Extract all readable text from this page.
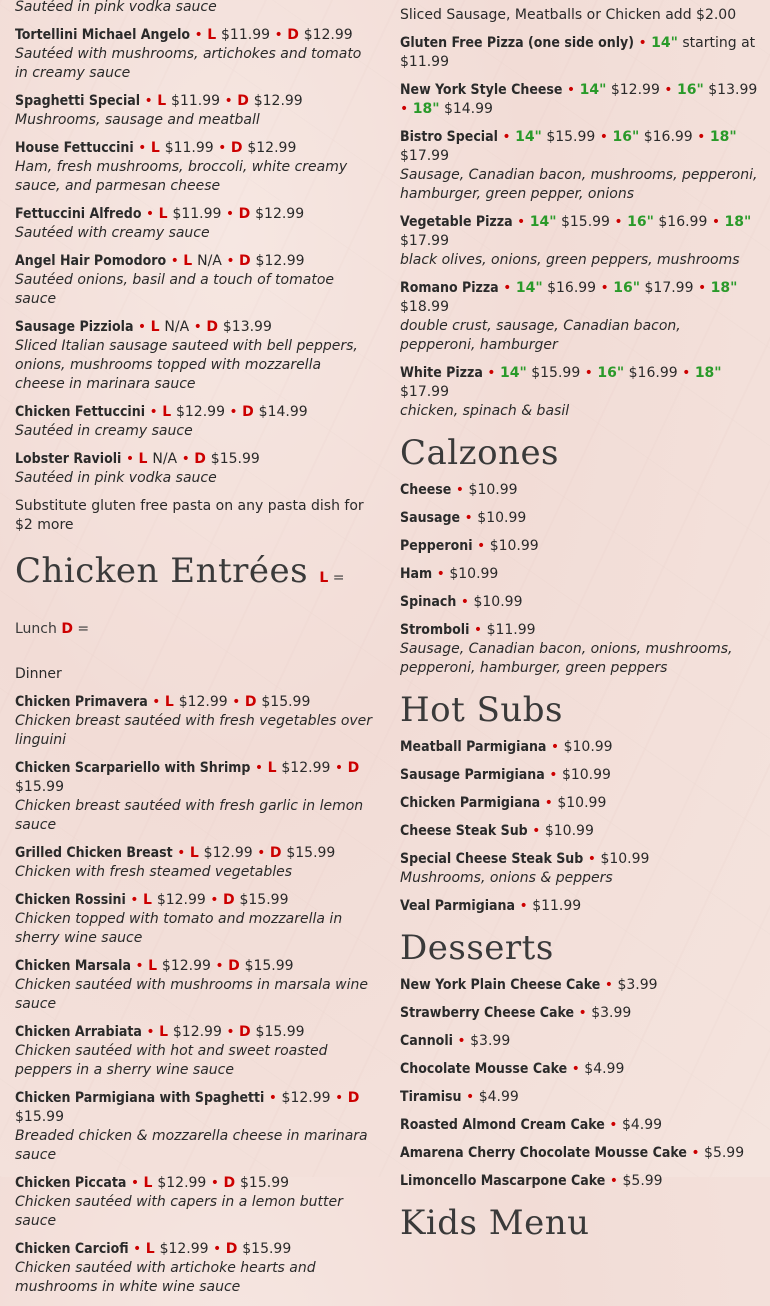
Sautéed in pink vodka sauce
Tortellini Michael Angelo • L $11.99 • D $12.99
Sautéed with mushrooms, artichokes and tomato in creamy sauce
Spaghetti Special • L $11.99 • D $12.99
Mushrooms, sausage and meatball
House Fettuccini • L $11.99 • D $12.99
Ham, fresh mushrooms, broccoli, white creamy sauce, and parmesan cheese
Fettuccini Alfredo • L $11.99 • D $12.99
Sautéed with creamy sauce
Angel Hair Pomodoro • L N/A • D $12.99
Sautéed onions, basil and a touch of tomatoe sauce
Sausage Pizziola • L N/A • D $13.99
Sliced Italian sausage sauteed with bell peppers, onions, mushrooms topped with mozzarella cheese in marinara sauce
Chicken Fettuccini • L $12.99 • D $14.99
Sautéed in creamy sauce
Lobster Ravioli • L N/A • D $15.99
Sautéed in pink vodka sauce
Substitute gluten free pasta on any pasta dish for $2 more
Chicken Entrées L = Lunch D =
Dinner
Chicken Primavera • L $12.99 • D $15.99
Chicken breast sautéed with fresh vegetables over linguini
Chicken Scarpariello with Shrimp • L $12.99 • D $15.99
Chicken breast sautéed with fresh garlic in lemon sauce
Grilled Chicken Breast • L $12.99 • D $15.99
Chicken with fresh steamed vegetables
Chicken Rossini • L $12.99 • D $15.99
Chicken topped with tomato and mozzarella in sherry wine sauce
Chicken Marsala • L $12.99 • D $15.99
Chicken sautéed with mushrooms in marsala wine sauce
Chicken Arrabiata • L $12.99 • D $15.99
Chicken sautéed with hot and sweet roasted peppers in a sherry wine sauce
Chicken Parmigiana with Spaghetti • $12.99 • D $15.99
Breaded chicken & mozzarella cheese in marinara sauce
Chicken Piccata • L $12.99 • D $15.99
Chicken sautéed with capers in a lemon butter sauce
Chicken Carciofi • L $12.99 • D $15.99
Chicken sautéed with artichoke hearts and mushrooms in white wine sauce
Sliced Sausage, Meatballs or Chicken add $2.00
Gluten Free Pizza (one side only) • 14" starting at $11.99
New York Style Cheese • 14" $12.99 • 16" $13.99 • 18" $14.99
Bistro Special • 14" $15.99 • 16" $16.99 • 18" $17.99
Sausage, Canadian bacon, mushrooms, pepperoni, hamburger, green pepper, onions
Vegetable Pizza • 14" $15.99 • 16" $16.99 • 18" $17.99
black olives, onions, green peppers, mushrooms
Romano Pizza • 14" $16.99 • 16" $17.99 • 18" $18.99
double crust, sausage, Canadian bacon, pepperoni, hamburger
White Pizza • 14" $15.99 • 16" $16.99 • 18" $17.99
chicken, spinach & basil
Calzones
Cheese • $10.99
Sausage • $10.99
Pepperoni • $10.99
Ham • $10.99
Spinach • $10.99
Stromboli • $11.99
Sausage, Canadian bacon, onions, mushrooms, pepperoni, hamburger, green peppers
Hot Subs
Meatball Parmigiana • $10.99
Sausage Parmigiana • $10.99
Chicken Parmigiana • $10.99
Cheese Steak Sub • $10.99
Special Cheese Steak Sub • $10.99
Mushrooms, onions & peppers
Veal Parmigiana • $11.99
Desserts
New York Plain Cheese Cake • $3.99
Strawberry Cheese Cake • $3.99
Cannoli • $3.99
Chocolate Mousse Cake • $4.99
Tiramisu • $4.99
Roasted Almond Cream Cake • $4.99
Amarena Cherry Chocolate Mousse Cake • $5.99
Limoncello Mascarpone Cake • $5.99
Kids Menu
